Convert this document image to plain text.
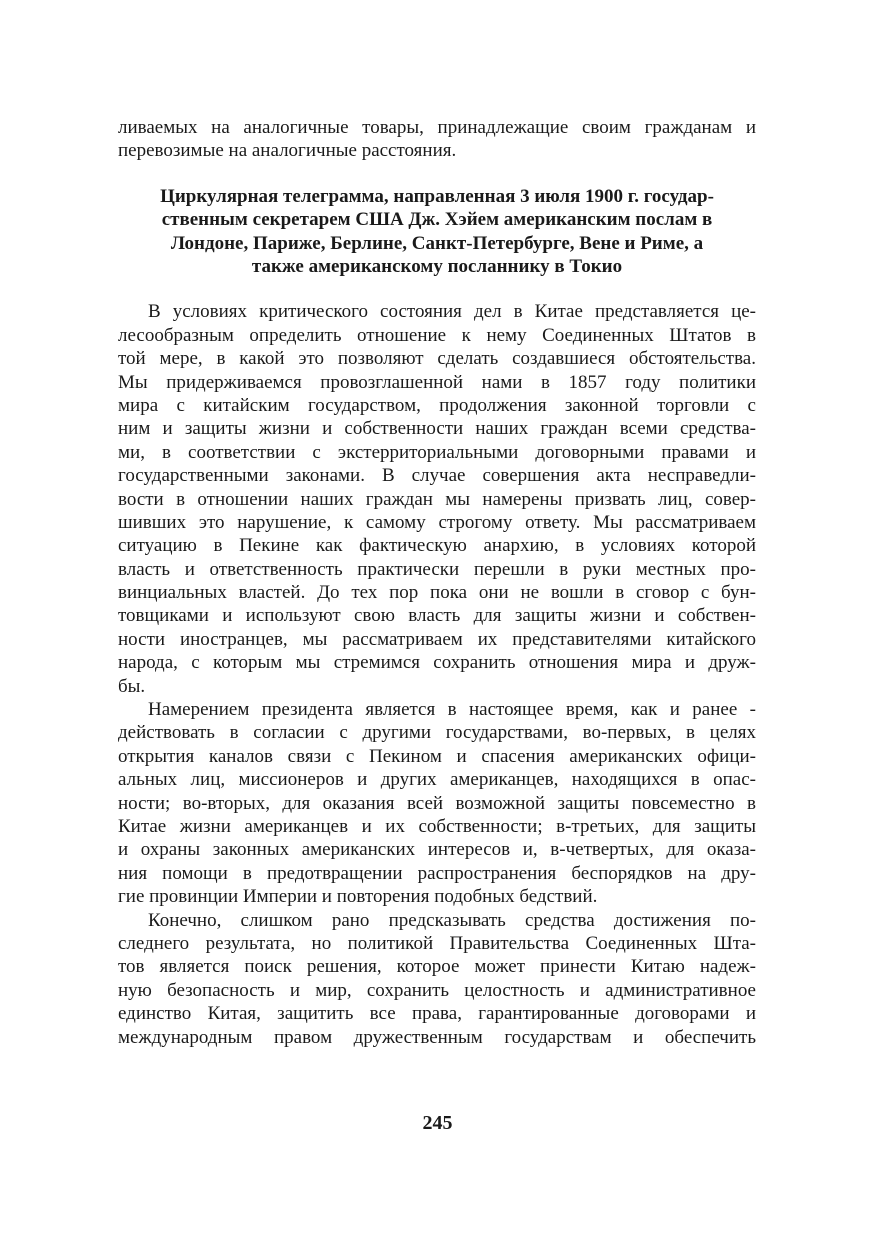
ливаемых на аналогичные товары, принадлежащие своим гражданам и
перевозимые на аналогичные расстояния.
Циркулярная телеграмма, направленная 3 июля 1900 г. государ-
ственным секретарем США Дж. Хэйем американским послам в
Лондоне, Париже, Берлине, Санкт-Петербурге, Вене и Риме, а
также американскому посланнику в Токио
В условиях критического состояния дел в Китае представляется це-
лесообразным определить отношение к нему Соединенных Штатов в
той мере, в какой это позволяют сделать создавшиеся обстоятельства.
Мы придерживаемся провозглашенной нами в 1857 году политики
мира с китайским государством, продолжения законной торговли с
ним и защиты жизни и собственности наших граждан всеми средства-
ми, в соответствии с экстерриториальными договорными правами и
государственными законами. В случае совершения акта несправедли-
вости в отношении наших граждан мы намерены призвать лиц, совер-
шивших это нарушение, к самому строгому ответу. Мы рассматриваем
ситуацию в Пекине как фактическую анархию, в условиях которой
власть и ответственность практически перешли в руки местных про-
винциальных властей. До тех пор пока они не вошли в сговор с бун-
товщиками и используют свою власть для защиты жизни и собствен-
ности иностранцев, мы рассматриваем их представителями китайского
народа, с которым мы стремимся сохранить отношения мира и друж-
бы.
Намерением президента является в настоящее время, как и ранее -
действовать в согласии с другими государствами, во-первых, в целях
открытия каналов связи с Пекином и спасения американских офици-
альных лиц, миссионеров и других американцев, находящихся в опас-
ности; во-вторых, для оказания всей возможной защиты повсеместно в
Китае жизни американцев и их собственности; в-третьих, для защиты
и охраны законных американских интересов и, в-четвертых, для оказа-
ния помощи в предотвращении распространения беспорядков на дру-
гие провинции Империи и повторения подобных бедствий.
Конечно, слишком рано предсказывать средства достижения по-
следнего результата, но политикой Правительства Соединенных Шта-
тов является поиск решения, которое может принести Китаю надеж-
ную безопасность и мир, сохранить целостность и административное
единство Китая, защитить все права, гарантированные договорами и
международным правом дружественным государствам и обеспечить
245
